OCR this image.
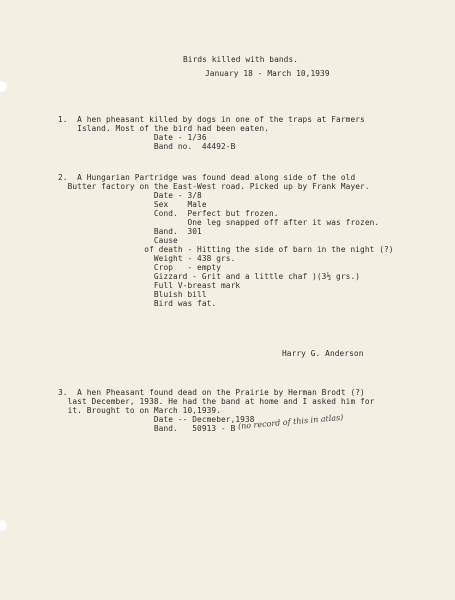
Birds killed with bands.
January 18 - March 10,1939
1.  A hen pheasant killed by dogs in one of the traps at Farmers
Island. Most of the bird had been eaten.
Date - 1/36
Band no.  44492-B
2.  A Hungarian Partridge was found dead along side of the old
Butter factory on the East-West road. Picked up by Frank Mayer.
Date - 3/8
Sex    Male
Cond.  Perfect but frozen.
One leg snapped off after it was frozen.
Band.  301
Cause
of death - Hitting the side of barn in the night (?)
Weight - 438 grs.
Crop   - empty
Gizzard - Grit and a little chaf )(3½ grs.)
Full V-breast mark
Bluish bill
Bird was fat.
Harry G. Anderson
3.  A hen Pheasant found dead on the Prairie by Herman Brodt (?)
last December, 1938. He had the band at home and I asked him for
it. Brought to on March 10,1939.
Date -- Decmeber,1938
Band.   50913 - B (no record of this in atlas)
